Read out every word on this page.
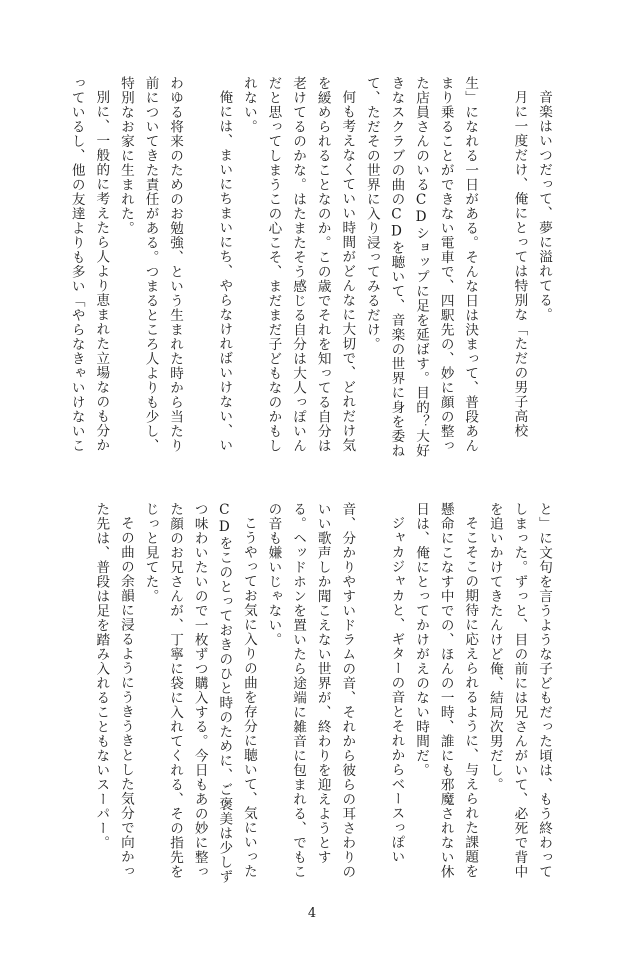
音楽はいつだって、夢に溢れてる。

月に一度だけ、俺にとっては特別な「ただの男子高校

生」になれる一日がある。そんな日は決まって、普段あん

まり乗ることができない電車で、四駅先の、妙に顔の整っ

た店員さんのいるCDショップに足を延ばす。目的？大好

きなスクラブの曲のCDを聴いて、音楽の世界に身を委ね

て、ただその世界に入り浸ってみるだけ。

何も考えなくていい時間がどんなに大切で、どれだけ気

を緩められることなのか。この歳でそれを知ってる自分は

老けてるのかな。はたまたそう感じる自分は大人っぽいん

だと思ってしまうこの心こそ、まだまだ子どもなのかもし

れない。

俺には、まいにちまいにち、やらなければいけない、い

わゆる将来のためのお勉強、という生まれた時から当たり

前についてきた責任がある。つまるところ人よりも少し、

特別なお家に生まれた。

別に、一般的に考えたら人より恵まれた立場なのも分か

っているし、他の友達よりも多い「やらなきゃいけないこ

と」に文句を言うような子どもだった頃は、もう終わって

しまった。ずっと、目の前には兄さんがいて、必死で背中

を追いかけてきたんけど俺、結局次男だし。

そこそこの期待に応えられるように、与えられた課題を

懸命にこなす中での、ほんの一時、誰にも邪魔されない休

日は、俺にとってかけがえのない時間だ。

ジャカジャカと、ギターの音とそれからベースっぽい

音、分かりやすいドラムの音、それから彼らの耳さわりの

いい歌声しか聞こえない世界が、終わりを迎えようとす

る。ヘッドホンを置いたら途端に雑音に包まれる、でもこ

の音も嫌いじゃない。

こうやってお気に入りの曲を存分に聴いて、気にいった

CDをこのとっておきのひと時のために、ご褒美は少しず

つ味わいたいので一枚ずつ購入する。今日もあの妙に整っ

た顔のお兄さんが、丁寧に袋に入れてくれる、その指先を

じっと見てた。

その曲の余韻に浸るようにうきうきとした気分で向かっ

た先は、普段は足を踏み入れることもないスーパー。

4
